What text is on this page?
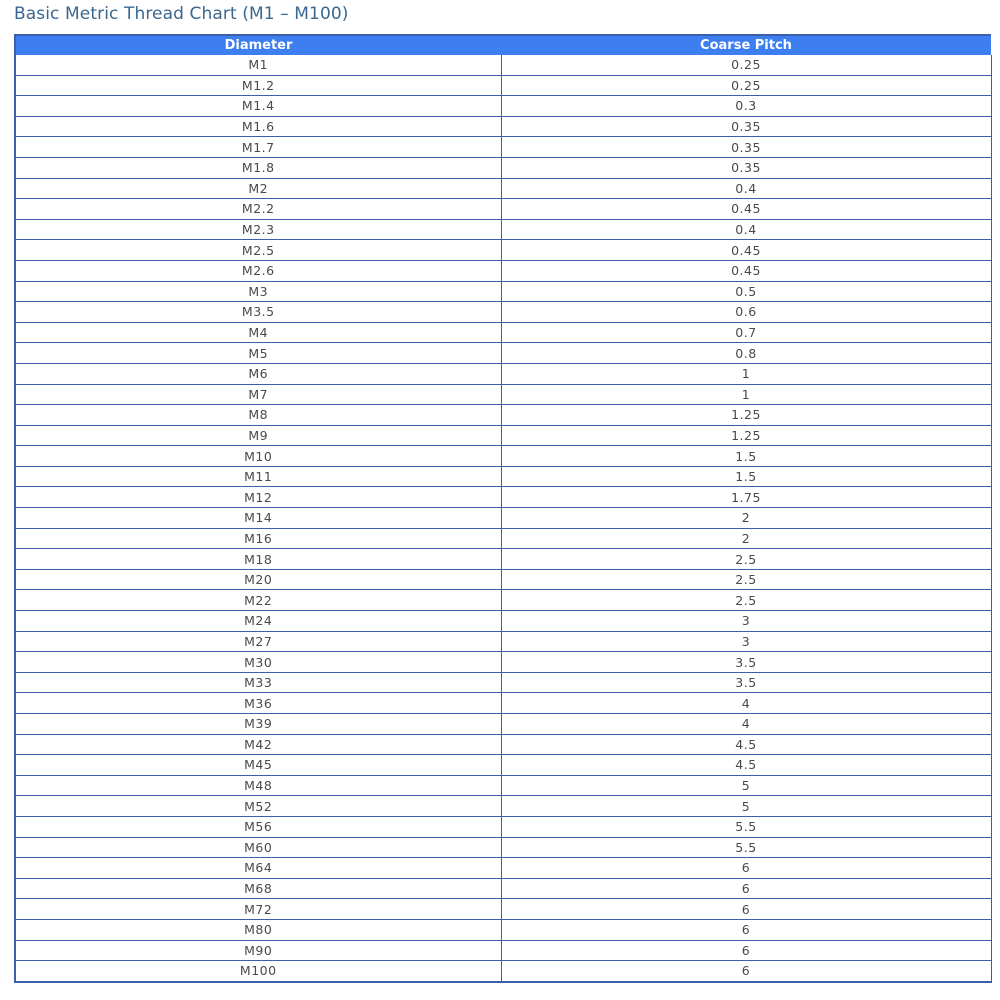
Basic Metric Thread Chart (M1 – M100)
Diameter	Coarse Pitch
M1	0.25
M1.2	0.25
M1.4	0.3
M1.6	0.35
M1.7	0.35
M1.8	0.35
M2	0.4
M2.2	0.45
M2.3	0.4
M2.5	0.45
M2.6	0.45
M3	0.5
M3.5	0.6
M4	0.7
M5	0.8
M6	1
M7	1
M8	1.25
M9	1.25
M10	1.5
M11	1.5
M12	1.75
M14	2
M16	2
M18	2.5
M20	2.5
M22	2.5
M24	3
M27	3
M30	3.5
M33	3.5
M36	4
M39	4
M42	4.5
M45	4.5
M48	5
M52	5
M56	5.5
M60	5.5
M64	6
M68	6
M72	6
M80	6
M90	6
M100	6
